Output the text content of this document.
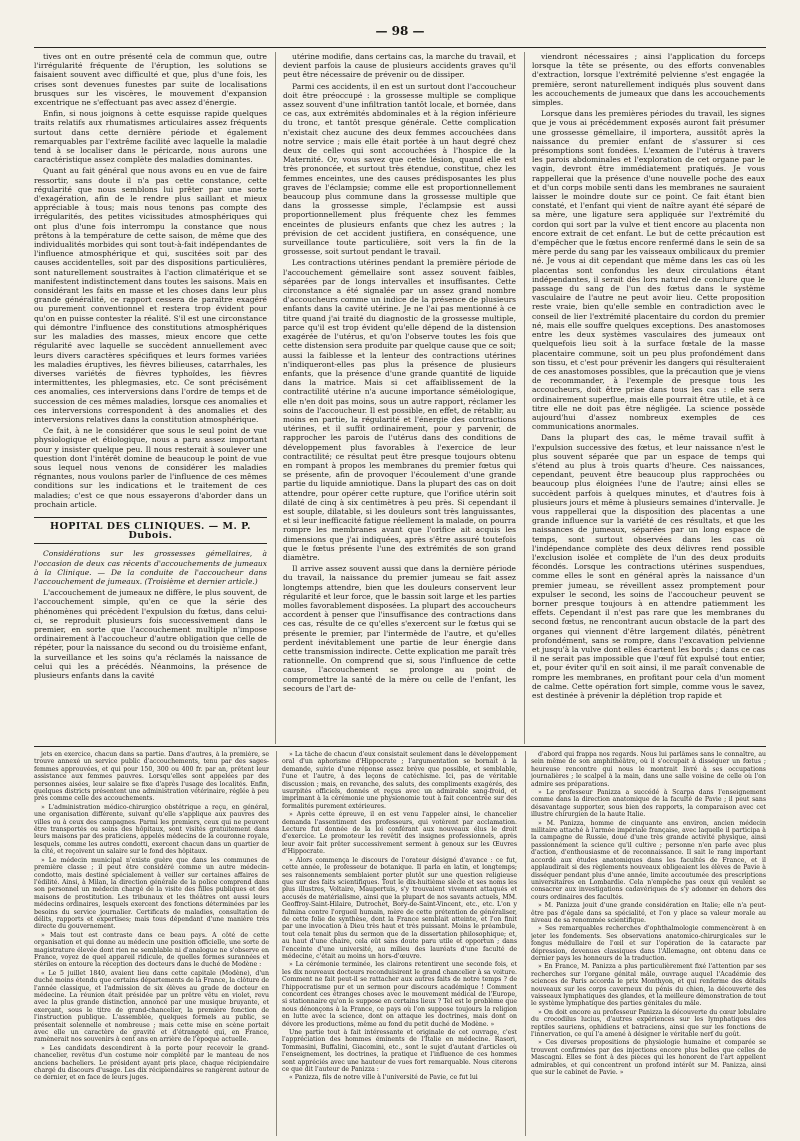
— 98 —

tives ont en outre présenté cela de commun que, outre l'irrégularité fréquente de l'éruption, les solutions se faisaient souvent avec difficulté et que, plus d'une fois, les crises sont devenues funestes par suite de localisations brusques sur les viscères, le mouvement d'expansion excentrique ne s'effectuant pas avec assez d'énergie.

Enfin, si nous joignons à cette esquisse rapide quelques traits relatifs aux rhumatismes articulaires assez fréquents surtout dans cette dernière période et également remarquables par l'extrême facilité avec laquelle la maladie tend à se localiser dans le péricarde, nous aurons une caractéristique assez complète des maladies dominantes.

Quant au fait général que nous avons eu en vue de faire ressortir, sans doute il n'a pas cette constance, cette régularité que nous semblons lui prêter par une sorte d'exagération, afin de le rendre plus saillant et mieux appréciable à tous; mais nous tenons pas compte des irrégularités, des petites vicissitudes atmosphériques qui ont plus d'une fois interrompu la constance que nous prêtons à la température de cette saison, de même que des individualités morbides qui sont tout-à-fait indépendantes de l'influence atmosphérique et qui, suscitées soit par des causes accidentelles, soit par des dispositions particulières, sont naturellement soustraites à l'action climatérique et se manifestent indistinctement dans toutes les saisons. Mais en considérant les faits en masse et les choses dans leur plus grande généralité, ce rapport cessera de paraître exagéré ou purement conventionnel et restera trop évident pour qu'on en puisse contester la réalité. S'il est une circonstance qui démontre l'influence des constitutions atmosphériques sur les maladies des masses, mieux encore que cette régularité avec laquelle se succèdent annuellement avec leurs divers caractères spécifiques et leurs formes variées les maladies éruptives, les fièvres bilieuses, catarrhales, les diverses variétés de fièvres typhoïdes, les fièvres intermittentes, les phlegmasies, etc. Ce sont précisément ces anomalies, ces interversions dans l'ordre de temps et de succession de ces mêmes maladies, lorsque ces anomalies et ces interversions correspondent à des anomalies et des interversions relatives dans la constitution atmosphérique.

Ce fait, à ne le considérer que sous le seul point de vue physiologique et étiologique, nous a paru assez important pour y insister quelque peu. Il nous resterait à soulever une question dont l'intérêt domine de beaucoup le point de vue sous lequel nous venons de considérer les maladies régnantes, nous voulons parler de l'influence de ces mêmes conditions sur les indications et le traitement de ces maladies; c'est ce que nous essayerons d'aborder dans un prochain article.

HOPITAL DES CLINIQUES. — M. P. Dubois.

Considérations sur les grossesses gémellaires, à l'occasion de deux cas récents d'accouchements de jumeaux à la Clinique. — De la conduite de l'accoucheur dans l'accouchement de jumeaux. (Troisième et dernier article.)

L'accouchement de jumeaux ne diffère, le plus souvent, de l'accouchement simple, qu'en ce que la série des phénomènes qui précèdent l'expulsion du fœtus, dans celui-ci, se reproduit plusieurs fois successivement dans le premier, en sorte que l'accouchement multiple n'impose ordinairement à l'accoucheur d'autre obligation que celle de répéter, pour la naissance du second ou du troisième enfant, la surveillance et les soins qu'a réclamés la naissance de celui qui les a précédés. Néanmoins, la présence de plusieurs enfants dans la cavité

utérine modifie, dans certains cas, la marche du travail, et devient parfois la cause de plusieurs accidents graves qu'il peut être nécessaire de prévenir ou de dissiper.

Parmi ces accidents, il en est un surtout dont l'accoucheur doit être préoccupé : la grossesse multiple se complique assez souvent d'une infiltration tantôt locale, et bornée, dans ce cas, aux extrémités abdominales et à la région inférieure du tronc, et tantôt presque générale. Cette complication n'existait chez aucune des deux femmes accouchées dans notre service ; mais elle était portée à un haut degré chez deux de celles qui sont accouchées à l'hospice de la Maternité. Or, vous savez que cette lésion, quand elle est très prononcée, et surtout très étendue, constitue, chez les femmes enceintes, une des causes prédisposantes les plus graves de l'éclampsie; comme elle est proportionnellement beaucoup plus commune dans la grossesse multiple que dans la grossesse simple, l'éclampsie est aussi proportionnellement plus fréquente chez les femmes enceintes de plusieurs enfants que chez les autres ; la prévision de cet accident justifiera, en conséquence, une surveillance toute particulière, soit vers la fin de la grossesse, soit surtout pendant le travail.

Les contractions utérines pendant la première période de l'accouchement gémellaire sont assez souvent faibles, séparées par de longs intervalles et insuffisantes. Cette circonstance a été signalée par un assez grand nombre d'accoucheurs comme un indice de la présence de plusieurs enfants dans la cavité utérine. Je ne l'ai pas mentionné à ce titre quand j'ai traité du diagnostic de la grossesse multiple, parce qu'il est trop évident qu'elle dépend de la distension exagérée de l'utérus, et qu'on l'observe toutes les fois que cette distension sera produite par quelque cause que ce soit; aussi la faiblesse et la lenteur des contractions utérines n'indiqueront-elles pas plus la présence de plusieurs enfants, que la présence d'une grande quantité de liquide dans la matrice. Mais si cet affaiblissement de la contractilité utérine n'a aucune importance séméiologique, elle n'en doit pas moins, sous un autre rapport, réclamer les soins de l'accoucheur. Il est possible, en effet, de rétablir, au moins en partie, la régularité et l'énergie des contractions utérines, et il suffit ordinairement, pour y parvenir, de rapprocher les parois de l'utérus dans des conditions de développement plus favorables à l'exercice de leur contractilité; ce résultat peut être presque toujours obtenu en rompant à propos les membranes du premier fœtus qui se présente, afin de provoquer l'écoulement d'une grande partie du liquide amniotique. Dans la plupart des cas on doit attendre, pour opérer cette rupture, que l'orifice utérin soit dilaté de cinq à six centimètres à peu près. Si cependant il est souple, dilatable, si les douleurs sont très languissantes, et si leur inefficacité fatigue réellement la malade, on pourra rompre les membranes avant que l'orifice ait acquis les dimensions que j'ai indiquées, après s'être assuré toutefois que le fœtus présente l'une des extrémités de son grand diamètre.

Il arrive assez souvent aussi que dans la dernière période du travail, la naissance du premier jumeau se fait assez longtemps attendre, bien que les douleurs conservent leur régularité et leur force, que le bassin soit large et les parties molles favorablement disposées. La plupart des accoucheurs accordent à penser que l'insuffisance des contractions dans ces cas, résulte de ce qu'elles s'exercent sur le fœtus qui se présente le premier, par l'intermède de l'autre, et qu'elles perdent inévitablement une partie de leur énergie dans cette transmission indirecte. Cette explication me paraît très rationnelle. On comprend que si, sous l'influence de cette cause, l'accouchement se prolonge au point de compromettre la santé de la mère ou celle de l'enfant, les secours de l'art de-

viendront nécessaires ; ainsi l'application du forceps lorsque la tête se présente, ou des efforts convenables d'extraction, lorsque l'extrémité pelvienne s'est engagée la première, seront naturellement indiqués plus souvent dans les accouchements de jumeaux que dans les accouchements simples.

Lorsque dans les premières périodes du travail, les signes que je vous ai précédemment exposés auront fait présumer une grossesse gémellaire, il importera, aussitôt après la naissance du premier enfant de s'assurer si ces présomptions sont fondées. L'examen de l'utérus à travers les parois abdominales et l'exploration de cet organe par le vagin, devront être immédiatement pratiqués. Je vous rappellerai que la présence d'une nouvelle poche des eaux et d'un corps mobile senti dans les membranes ne sauraient laisser le moindre doute sur ce point. Ce fait étant bien constaté, et l'enfant qui vient de naître ayant été séparé de sa mère, une ligature sera appliquée sur l'extrémité du cordon qui sort par la vulve et tient encore au placenta non encore extrait de cet enfant. Le but de cette précaution est d'empêcher que le fœtus encore renfermé dans le sein de sa mère perde du sang par les vaisseaux ombilicaux du premier né. Je vous ai dit cependant que même dans les cas où les placentas sont confondus les deux circulations étant indépendantes, il serait dès lors naturel de conclure que le passage du sang de l'un des fœtus dans le système vasculaire de l'autre ne peut avoir lieu. Cette proposition reste vraie, bien qu'elle semble en contradiction avec le conseil de lier l'extrémité placentaire du cordon du premier né, mais elle souffre quelques exceptions. Des anastomoses entre les deux systèmes vasculaires des jumeaux ont quelquefois lieu soit à la surface fœtale de la masse placentaire commune, soit un peu plus profondément dans son tissu, et c'est pour prévenir les dangers qui résulteraient de ces anastomoses possibles, que la précaution que je viens de recommander, à l'exemple de presque tous les accoucheurs, doit être prise dans tous les cas : elle sera ordinairement superflue, mais elle pourrait être utile, et à ce titre elle ne doit pas être négligée. La science possède aujourd'hui d'assez nombreux exemples de ces communications anormales.

Dans la plupart des cas, le même travail suffit à l'expulsion successive des fœtus, et leur naissance n'est le plus souvent séparée que par un espace de temps qui s'étend au plus à trois quarts d'heure. Ces naissances, cependant, peuvent être beaucoup plus rapprochées ou beaucoup plus éloignées l'une de l'autre; ainsi elles se succèdent parfois à quelques minutes, et d'autres fois à plusieurs jours et même à plusieurs semaines d'intervalle. Je vous rappellerai que la disposition des placentas a une grande influence sur la variété de ces résultats, et que les naissances de jumeaux, séparées par un long espace de temps, sont surtout observées dans les cas où l'indépendance complète des deux délivres rend possible l'exclusion isolée et complète de l'un des deux produits fécondés. Lorsque les contractions utérines suspendues, comme elles le sont en général après la naissance d'un premier jumeau, se réveillent assez promptement pour expulser le second, les soins de l'accoucheur peuvent se borner presque toujours à en attendre patiemment les effets. Cependant il n'est pas rare que les membranes du second fœtus, ne rencontrant aucun obstacle de la part des organes qui viennent d'être largement dilatés, pénètrent profondément, sans se rompre, dans l'excavation pelvienne et jusqu'à la vulve dont elles écartent les bords ; dans ce cas il ne serait pas impossible que l'œuf fût expulsé tout entier, et, pour éviter qu'il en soit ainsi, il me paraît convenable de rompre les membranes, en profitant pour cela d'un moment de calme. Cette opération fort simple, comme vous le savez, est destinée à prévenir la déplétion trop rapide et

jets en exercice, chacun dans sa partie. Dans d'autres, à la première, se trouve annexé un service public d'accouchements, tenu par des sages-femmes approuvées, et qui pour 150, 300 ou 400 fr. par an, prêtent leur assistance aux femmes pauvres. Lorsqu'elles sont appelées par des personnes aisées, leur salaire se fixe d'après l'usage des localités. Enfin, quelques districts présentent une administration vétérinaire, réglée à peu près comme celle des accouchements.

» L'administration médico-chirurgico obstétrique a reçu, en général, une organisation différente, suivant qu'elle s'applique aux pauvres des villes ou à ceux des campagnes. Parmi les premiers, ceux qui ne peuvent être transportés ou soins des hôpitaux, sont visités gratuitement dans leurs maisons par des praticiens, appelés médecins de la couronne royale, lesquels, comme les autres condotti, exercent chacun dans un quartier de la cité, et reçoivent un salaire sur le fond des hôpitaux.

» Le médecin municipal n'existe guère que dans les communes de première classe ; il peut être considéré comme un autre médecin-condotto, mais destiné spécialement à veiller sur certaines affaires de l'édilité. Ainsi, à Milan, la direction générale de la police comprend dans son personnel un médecin chargé de la visite des filles publiques et des maisons de prostitution. Les tribunaux et les théâtres ont aussi leurs médecins ordinaires, lesquels exercent des fonctions déterminées par les besoins du service journalier. Certificats de maladies, consultation de délits, rapports et expertises; mais tous dépendant d'une manière très directe du gouvernement.

» Mais tout est contraste dans ce beau pays. A côté de cette organisation et qui donne au médecin une position officielle, une sorte de magistrature élevée dont rien ne semblable ni d'analogue ne s'observe en France, voyez de quel appareil ridicule, de quelles formes surannées et stériles on entoure la réception des docteurs dans le duché de Modène :

« Le 5 juillet 1840, avaient lieu dans cette capitale (Modène), d'un duché moins étendu que certains départements de la France, la clôture de l'année classique, et l'admission de six élèves au grade de docteur en médecine. La réunion était présidée par un prêtre vêtu en violet, revu avec la plus grande distinction, annoncé par une musique bruyante, et exerçant, sous le titre de grand-chancelier, la première fonction de l'instruction publique. L'assemblée, quelques formels au public, se présentait solennelle et nombreuse ; mais cette mise en scène portait avec elle un caractère de gravité et d'étrangeté qui, en France, ramènerait nos souvenirs à cent ans en arrière de l'époque actuelle.

» Les candidats descendirent à la porte pour recevoir le grand-chancelier, revêtus d'un costume noir complété par le manteau de nos anciens bacheliers. Le président ayant pris place, chaque récipiendaire chargé du discours d'usage. Les dix récipiendaires se rangèrent autour de ce dernier, et en face de leurs juges.

» La tâche de chacun d'eux consistait seulement dans le développement oral d'un aphorisme d'Hippocrate ; l'argumentation se bornait à la demande, suivie d'une réponse assez brève que possible, et semblable, l'une et l'autre, à des leçons de catéchisme. Ici, pas de véritable discussion ; mais, en revanche, des saluts, des compliments exagérés, des usurpités officiels, donnés et reçus avec un admirable sang-froid, et imprimant à la cérémonie une physionomie tout à fait concentrée sur des formalités purement extérieures.

» Après cette épreuve, il en est venu l'appeler ainsi, le chancelier demanda l'assentiment des professeurs, qui votèrent par acclamation. Lecture fut donnée de la loi conférant aux nouveaux élus le droit d'exercice. Le promoteur les revêtit des insignes professionnels, après leur avoir fait prêter successivement serment à genoux sur les Œuvres d'Hippocrate.

» Alors commença le discours de l'orateur désigné d'avance : ce fut, cette année, le professeur de botanique. Il parla en latin, et longtemps; ses raisonnements semblaient porter plutôt sur une question religieuse que sur des faits scientifiques. Tout le dix-huitième siècle et ses noms les plus illustres, Voltaire, Maupertuis, s'y trouvaient vivement attaqués et accusés de matérialisme, ainsi que la plupart de nos savants actuels, MM. Geoffroy-Saint-Hilaire, Dutrochet, Bory-de-Saint-Vincent, etc., etc. L'on y fulmina contre l'orgueil humain, mère de cette prétention de généraliser, de cette folie de synthèse, dont la France semblait atteinte, et l'on finit par une invocation à Dieu très haut et très puissant. Moins le préambule, tout cela tenait plus du sermon que de la dissertation philosophique; et, au haut d'une chaire, cela eût sans doute paru utile et opportun ; dans l'enceinte d'une université, au milieu des lauréats d'une faculté de médecine, c'était au moins un hors-d'œuvre.

» La cérémonie terminée, les clairons retentirent une seconde fois, et les dix nouveaux docteurs reconduisirent le grand chancelier à sa voiture. Comment ne fait peut-il se rattacher aux autres faits de notre temps ? de l'hippocratisme pur et un sermon pour discours académique ! Comment concordent ces étranges choses avec le mouvement médical de l'Europe, si stationnaire qu'on le suppose en certains lieux ? Tel est le problème que nous dénonçons à la France, ce pays où l'on suppose toujours la religion en lutte avec la science, dont on attaque les doctrines, mais dont on dévore les productions, même au fond du petit duché de Modène. »

Une partie tout à fait intéressante et originale de cet ouvrage, c'est l'appréciation des hommes éminents de l'Italie en médecine. Rasori, Tommasini, Buffalini, Giacomini, etc., sont le sujet d'autant d'articles où l'enseignement, les doctrines, la pratique et l'influence de ces hommes sont appréciés avec une hauteur de vues fort remarquable. Nous citerons ce que dit l'auteur de Panizza :

« Panizza, fils de notre ville à l'université de Pavie, ce fut lui

d'abord qui frappa nos regards. Nous lui parlâmes sans le connaître, au sein même de son amphithéâtre, où il s'occupait à disséquer un fœtus ; heureuse rencontre qui nous le montrait livré à ses occupations journalières ; le scalpel à la main, dans une salle voisine de celle où l'on admire ses préparations.

» Le professeur Panizza a succédé à Scarpa dans l'enseignement comme dans la direction anatomique de la faculté de Pavie ; il peut sans désavantage supporter, sous bien des rapports, la comparaison avec cet illustre chirurgien de la haute Italie.

» M. Panizza, homme de cinquante ans environ, ancien médecin militaire attaché à l'armée impériale française, avec laquelle il participa à la campagne de Russie, doué d'une très grande activité physique, ainsi passionnément la science qu'il cultive ; personne n'en parle avec plus d'action, d'enthousiasme et de reconnaissance. Il sait le rang important accordé aux études anatomiques dans les facultés de France, et il applaudirait si des règlements nouveaux obligeaient les élèves de Pavie à disséquer pendant plus d'une année, limite accoutumée des prescriptions universitaires en Lombardie. Cela n'empêche pas ceux qui veulent se consacrer aux investigations cadavériques de s'y adonner en dehors des cours ordinaires des facultés.

» M. Panizza jouit d'une grande considération en Italie; elle n'a peut-être pas d'égale dans sa spécialité, et l'on y place sa valeur morale au niveau de sa renommée scientifique.

» Ses remarquables recherches d'ophthalmologie commencèrent à en jeter les fondements. Ses observations anatomico-chirurgicales sur le fongus médullaire de l'œil et sur l'opération de la cataracte par dépression, devenues classiques dans l'Allemagne, ont obtenu dans ce dernier pays les honneurs de la traduction.

» En France, M. Panizza a plus particulièrement fixé l'attention par ses recherches sur l'organe génital mâle, ouvrage auquel l'Académie des sciences de Paris accorda le prix Monthyon, et qui renferme des détails nouveaux sur les corps caverneux du pénis du chien, la découverte des vaisseaux lymphatiques des glandes, et la meilleure démonstration de tout le système lymphatique des parties génitales du mâle.

» On doit encore au professeur Panizza la découverte du cœur lobulaire du crocodilus lucius, d'autres expériences sur les lymphatiques des reptiles sauriens, ophidiens et batraciens, ainsi que sur les fonctions de l'innervation, ce qui l'a amené à désigner le véritable nerf du goût.

» Ces diverses propositions de physiologie humaine et comparée se trouvent confirmées par des injections encore plus belles que celles de Mascagni. Elles se font à des pièces qui les honorent de l'art appellent admirables, et qui concentrent un profond intérêt sur M. Panizza, ainsi que sur le cabinet de Pavie. »
